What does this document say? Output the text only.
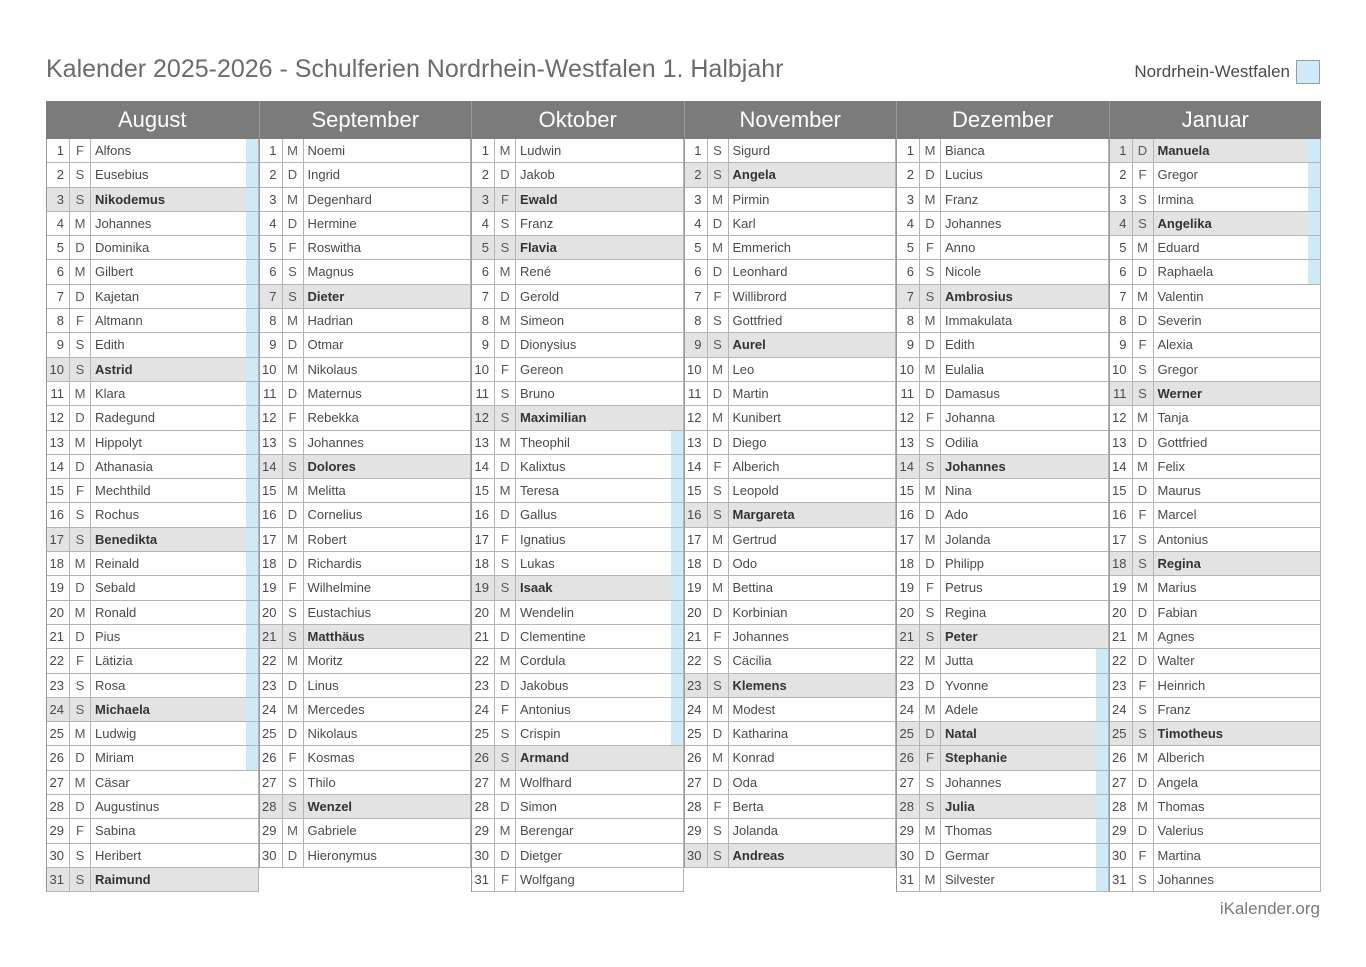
Kalender 2025-2026 - Schulferien Nordrhein-Westfalen 1. Halbjahr	Nordrhein-Westfalen
August
1 F Alfons
2 S Eusebius
3 S Nikodemus
4 M Johannes
5 D Dominika
6 M Gilbert
7 D Kajetan
8 F Altmann
9 S Edith
10 S Astrid
11 M Klara
12 D Radegund
13 M Hippolyt
14 D Athanasia
15 F Mechthild
16 S Rochus
17 S Benedikta
18 M Reinald
19 D Sebald
20 M Ronald
21 D Pius
22 F Lätizia
23 S Rosa
24 S Michaela
25 M Ludwig
26 D Miriam
27 M Cäsar
28 D Augustinus
29 F Sabina
30 S Heribert
31 S Raimund
September
1 M Noemi
2 D Ingrid
3 M Degenhard
4 D Hermine
5 F Roswitha
6 S Magnus
7 S Dieter
8 M Hadrian
9 D Otmar
10 M Nikolaus
11 D Maternus
12 F Rebekka
13 S Johannes
14 S Dolores
15 M Melitta
16 D Cornelius
17 M Robert
18 D Richardis
19 F Wilhelmine
20 S Eustachius
21 S Matthäus
22 M Moritz
23 D Linus
24 M Mercedes
25 D Nikolaus
26 F Kosmas
27 S Thilo
28 S Wenzel
29 M Gabriele
30 D Hieronymus
Oktober
1 M Ludwin
2 D Jakob
3 F Ewald
4 S Franz
5 S Flavia
6 M René
7 D Gerold
8 M Simeon
9 D Dionysius
10 F Gereon
11 S Bruno
12 S Maximilian
13 M Theophil
14 D Kalixtus
15 M Teresa
16 D Gallus
17 F Ignatius
18 S Lukas
19 S Isaak
20 M Wendelin
21 D Clementine
22 M Cordula
23 D Jakobus
24 F Antonius
25 S Crispin
26 S Armand
27 M Wolfhard
28 D Simon
29 M Berengar
30 D Dietger
31 F Wolfgang
November
1 S Sigurd
2 S Angela
3 M Pirmin
4 D Karl
5 M Emmerich
6 D Leonhard
7 F Willibrord
8 S Gottfried
9 S Aurel
10 M Leo
11 D Martin
12 M Kunibert
13 D Diego
14 F Alberich
15 S Leopold
16 S Margareta
17 M Gertrud
18 D Odo
19 M Bettina
20 D Korbinian
21 F Johannes
22 S Cäcilia
23 S Klemens
24 M Modest
25 D Katharina
26 M Konrad
27 D Oda
28 F Berta
29 S Jolanda
30 S Andreas
Dezember
1 M Bianca
2 D Lucius
3 M Franz
4 D Johannes
5 F Anno
6 S Nicole
7 S Ambrosius
8 M Immakulata
9 D Edith
10 M Eulalia
11 D Damasus
12 F Johanna
13 S Odilia
14 S Johannes
15 M Nina
16 D Ado
17 M Jolanda
18 D Philipp
19 F Petrus
20 S Regina
21 S Peter
22 M Jutta
23 D Yvonne
24 M Adele
25 D Natal
26 F Stephanie
27 S Johannes
28 S Julia
29 M Thomas
30 D Germar
31 M Silvester
Januar
1 D Manuela
2 F Gregor
3 S Irmina
4 S Angelika
5 M Eduard
6 D Raphaela
7 M Valentin
8 D Severin
9 F Alexia
10 S Gregor
11 S Werner
12 M Tanja
13 D Gottfried
14 M Felix
15 D Maurus
16 F Marcel
17 S Antonius
18 S Regina
19 M Marius
20 D Fabian
21 M Agnes
22 D Walter
23 F Heinrich
24 S Franz
25 S Timotheus
26 M Alberich
27 D Angela
28 M Thomas
29 D Valerius
30 F Martina
31 S Johannes
iKalender.org
